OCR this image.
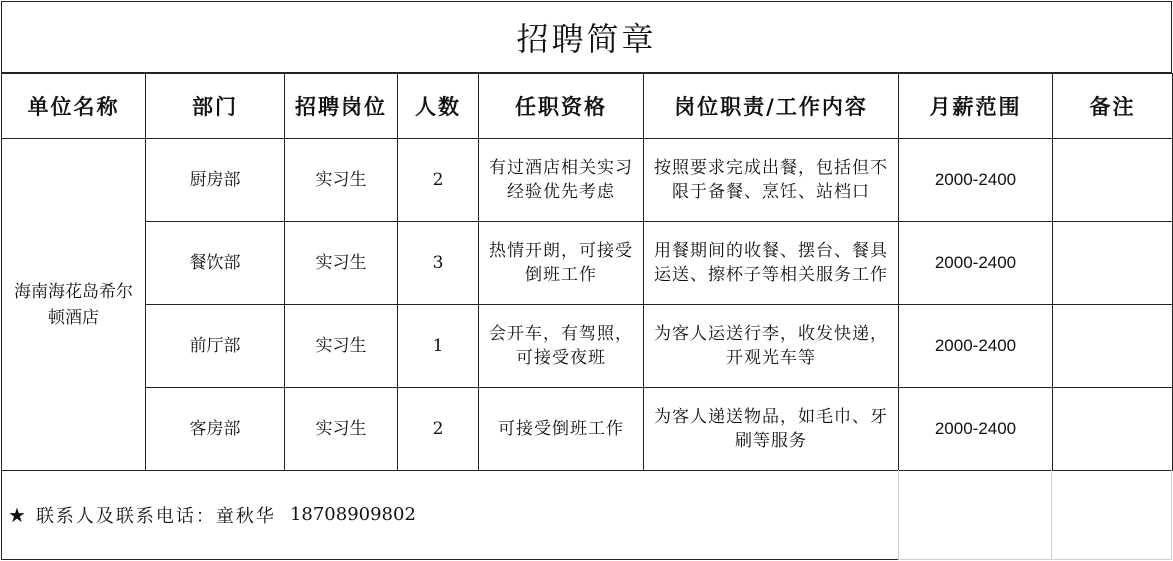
招聘简章
单位名称	部门	招聘岗位	人数	任职资格	岗位职责/工作内容	月薪范围	备注
海南海花岛希尔顿酒店	厨房部	实习生	2	有过酒店相关实习经验优先考虑	按照要求完成出餐，包括但不限于备餐、烹饪、站档口	2000-2400	
	餐饮部	实习生	3	热情开朗，可接受倒班工作	用餐期间的收餐、摆台、餐具运送、擦杯子等相关服务工作	2000-2400	
	前厅部	实习生	1	会开车，有驾照，可接受夜班	为客人运送行李，收发快递，开观光车等	2000-2400	
	客房部	实习生	2	可接受倒班工作	为客人递送物品，如毛巾、牙刷等服务	2000-2400	
★ 联系人及联系电话：童秋华 18708909802
